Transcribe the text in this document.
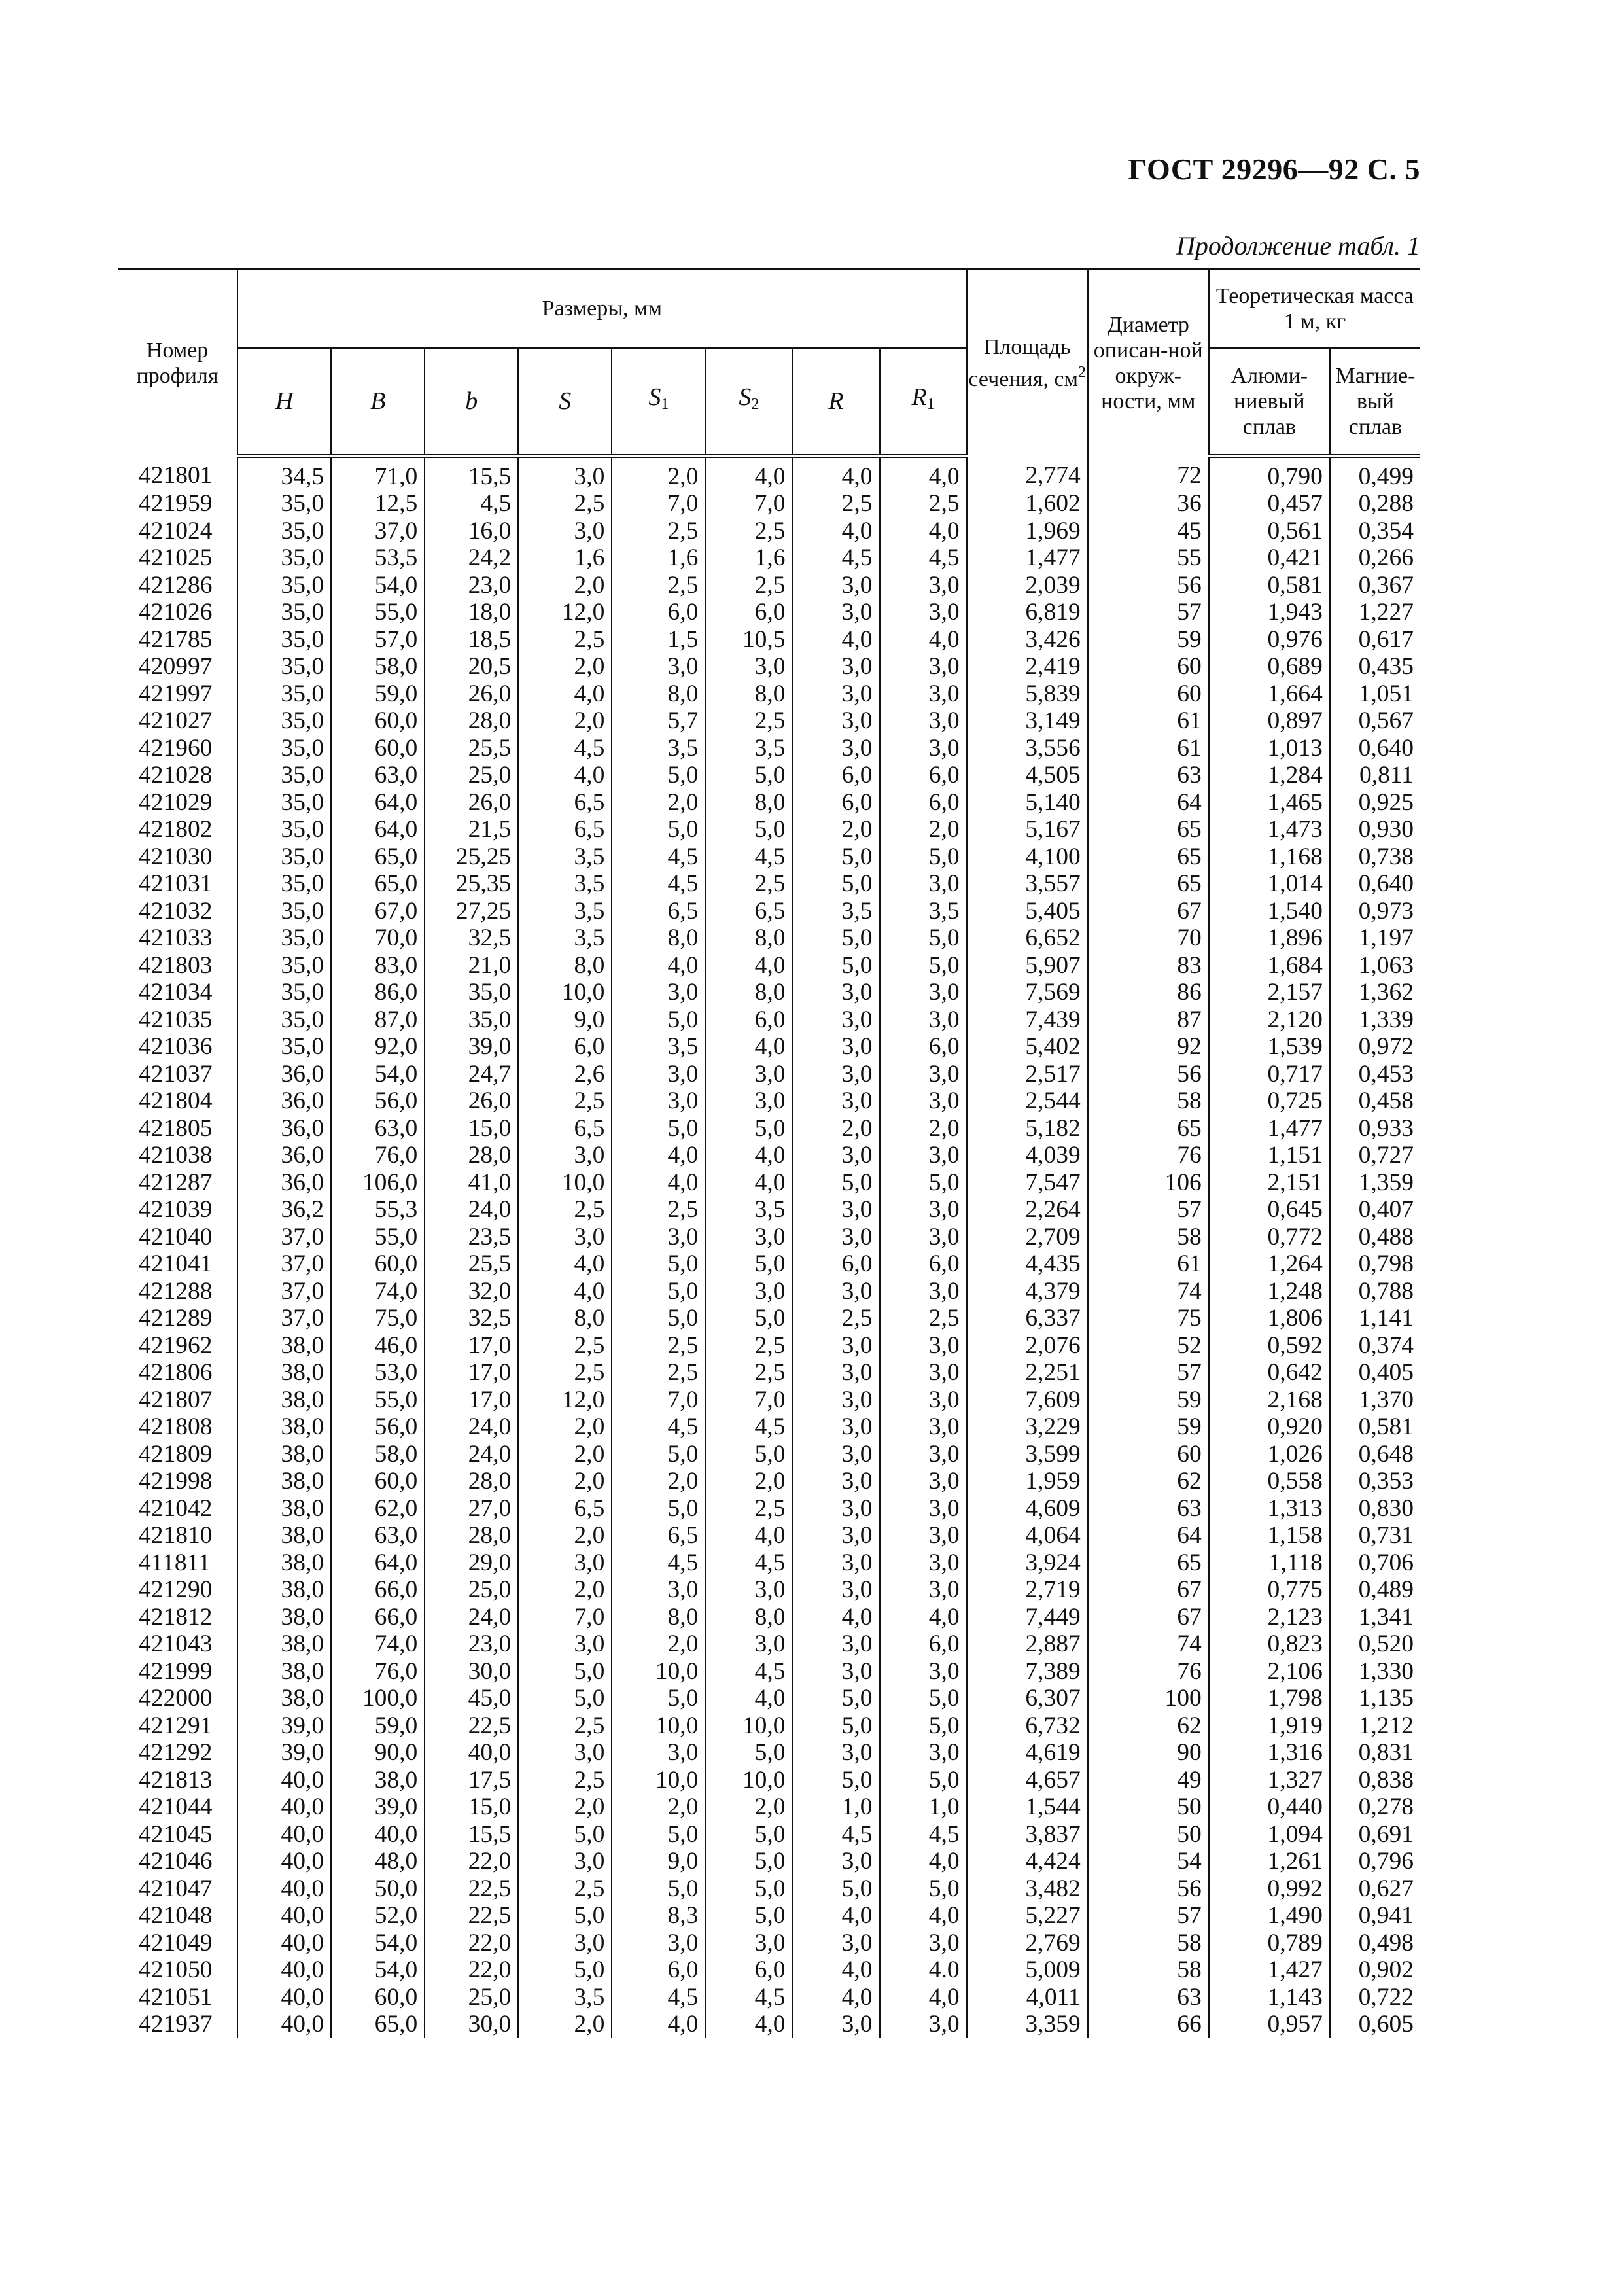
ГОСТ 29296—92 С. 5
Продолжение табл. 1
Номер профиля	Размеры, мм								Площадь сечения, $см^2$	Диаметр описан-ной окруж-ности, мм	Теоретическая масса 1 м, кг	
	H	B	b	S	$S_1$	$S_2$	R	$R_1$			Алюми-ниевый сплав	Магние-вый сплав
421801	34,5	71,0	15,5	3,0	2,0	4,0	4,0	4,0	2,774	72	0,790	0,499
421959	35,0	12,5	4,5	2,5	7,0	7,0	2,5	2,5	1,602	36	0,457	0,288
421024	35,0	37,0	16,0	3,0	2,5	2,5	4,0	4,0	1,969	45	0,561	0,354
421025	35,0	53,5	24,2	1,6	1,6	1,6	4,5	4,5	1,477	55	0,421	0,266
421286	35,0	54,0	23,0	2,0	2,5	2,5	3,0	3,0	2,039	56	0,581	0,367
421026	35,0	55,0	18,0	12,0	6,0	6,0	3,0	3,0	6,819	57	1,943	1,227
421785	35,0	57,0	18,5	2,5	1,5	10,5	4,0	4,0	3,426	59	0,976	0,617
420997	35,0	58,0	20,5	2,0	3,0	3,0	3,0	3,0	2,419	60	0,689	0,435
421997	35,0	59,0	26,0	4,0	8,0	8,0	3,0	3,0	5,839	60	1,664	1,051
421027	35,0	60,0	28,0	2,0	5,7	2,5	3,0	3,0	3,149	61	0,897	0,567
421960	35,0	60,0	25,5	4,5	3,5	3,5	3,0	3,0	3,556	61	1,013	0,640
421028	35,0	63,0	25,0	4,0	5,0	5,0	6,0	6,0	4,505	63	1,284	0,811
421029	35,0	64,0	26,0	6,5	2,0	8,0	6,0	6,0	5,140	64	1,465	0,925
421802	35,0	64,0	21,5	6,5	5,0	5,0	2,0	2,0	5,167	65	1,473	0,930
421030	35,0	65,0	25,25	3,5	4,5	4,5	5,0	5,0	4,100	65	1,168	0,738
421031	35,0	65,0	25,35	3,5	4,5	2,5	5,0	3,0	3,557	65	1,014	0,640
421032	35,0	67,0	27,25	3,5	6,5	6,5	3,5	3,5	5,405	67	1,540	0,973
421033	35,0	70,0	32,5	3,5	8,0	8,0	5,0	5,0	6,652	70	1,896	1,197
421803	35,0	83,0	21,0	8,0	4,0	4,0	5,0	5,0	5,907	83	1,684	1,063
421034	35,0	86,0	35,0	10,0	3,0	8,0	3,0	3,0	7,569	86	2,157	1,362
421035	35,0	87,0	35,0	9,0	5,0	6,0	3,0	3,0	7,439	87	2,120	1,339
421036	35,0	92,0	39,0	6,0	3,5	4,0	3,0	6,0	5,402	92	1,539	0,972
421037	36,0	54,0	24,7	2,6	3,0	3,0	3,0	3,0	2,517	56	0,717	0,453
421804	36,0	56,0	26,0	2,5	3,0	3,0	3,0	3,0	2,544	58	0,725	0,458
421805	36,0	63,0	15,0	6,5	5,0	5,0	2,0	2,0	5,182	65	1,477	0,933
421038	36,0	76,0	28,0	3,0	4,0	4,0	3,0	3,0	4,039	76	1,151	0,727
421287	36,0	106,0	41,0	10,0	4,0	4,0	5,0	5,0	7,547	106	2,151	1,359
421039	36,2	55,3	24,0	2,5	2,5	3,5	3,0	3,0	2,264	57	0,645	0,407
421040	37,0	55,0	23,5	3,0	3,0	3,0	3,0	3,0	2,709	58	0,772	0,488
421041	37,0	60,0	25,5	4,0	5,0	5,0	6,0	6,0	4,435	61	1,264	0,798
421288	37,0	74,0	32,0	4,0	5,0	3,0	3,0	3,0	4,379	74	1,248	0,788
421289	37,0	75,0	32,5	8,0	5,0	5,0	2,5	2,5	6,337	75	1,806	1,141
421962	38,0	46,0	17,0	2,5	2,5	2,5	3,0	3,0	2,076	52	0,592	0,374
421806	38,0	53,0	17,0	2,5	2,5	2,5	3,0	3,0	2,251	57	0,642	0,405
421807	38,0	55,0	17,0	12,0	7,0	7,0	3,0	3,0	7,609	59	2,168	1,370
421808	38,0	56,0	24,0	2,0	4,5	4,5	3,0	3,0	3,229	59	0,920	0,581
421809	38,0	58,0	24,0	2,0	5,0	5,0	3,0	3,0	3,599	60	1,026	0,648
421998	38,0	60,0	28,0	2,0	2,0	2,0	3,0	3,0	1,959	62	0,558	0,353
421042	38,0	62,0	27,0	6,5	5,0	2,5	3,0	3,0	4,609	63	1,313	0,830
421810	38,0	63,0	28,0	2,0	6,5	4,0	3,0	3,0	4,064	64	1,158	0,731
411811	38,0	64,0	29,0	3,0	4,5	4,5	3,0	3,0	3,924	65	1,118	0,706
421290	38,0	66,0	25,0	2,0	3,0	3,0	3,0	3,0	2,719	67	0,775	0,489
421812	38,0	66,0	24,0	7,0	8,0	8,0	4,0	4,0	7,449	67	2,123	1,341
421043	38,0	74,0	23,0	3,0	2,0	3,0	3,0	6,0	2,887	74	0,823	0,520
421999	38,0	76,0	30,0	5,0	10,0	4,5	3,0	3,0	7,389	76	2,106	1,330
422000	38,0	100,0	45,0	5,0	5,0	4,0	5,0	5,0	6,307	100	1,798	1,135
421291	39,0	59,0	22,5	2,5	10,0	10,0	5,0	5,0	6,732	62	1,919	1,212
421292	39,0	90,0	40,0	3,0	3,0	5,0	3,0	3,0	4,619	90	1,316	0,831
421813	40,0	38,0	17,5	2,5	10,0	10,0	5,0	5,0	4,657	49	1,327	0,838
421044	40,0	39,0	15,0	2,0	2,0	2,0	1,0	1,0	1,544	50	0,440	0,278
421045	40,0	40,0	15,5	5,0	5,0	5,0	4,5	4,5	3,837	50	1,094	0,691
421046	40,0	48,0	22,0	3,0	9,0	5,0	3,0	4,0	4,424	54	1,261	0,796
421047	40,0	50,0	22,5	2,5	5,0	5,0	5,0	5,0	3,482	56	0,992	0,627
421048	40,0	52,0	22,5	5,0	8,3	5,0	4,0	4,0	5,227	57	1,490	0,941
421049	40,0	54,0	22,0	3,0	3,0	3,0	3,0	3,0	2,769	58	0,789	0,498
421050	40,0	54,0	22,0	5,0	6,0	6,0	4,0	4.0	5,009	58	1,427	0,902
421051	40,0	60,0	25,0	3,5	4,5	4,5	4,0	4,0	4,011	63	1,143	0,722
421937	40,0	65,0	30,0	2,0	4,0	4,0	3,0	3,0	3,359	66	0,957	0,605
